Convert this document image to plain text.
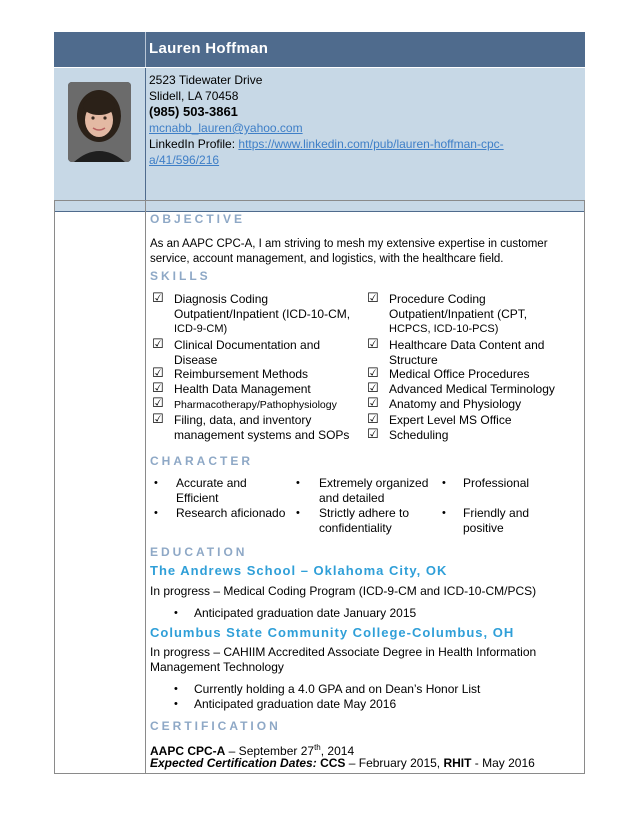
Lauren Hoffman
2523 Tidewater Drive
Slidell, LA 70458
(985) 503-3861
mcnabb_lauren@yahoo.com
LinkedIn Profile: https://www.linkedin.com/pub/lauren-hoffman-cpc-
a/41/596/216
OBJECTIVE
As an AAPC CPC-A, I am striving to mesh my extensive expertise in customer
service, account management, and logistics, with the healthcare field.
SKILLS
☑ Diagnosis Coding
Outpatient/Inpatient (ICD-10-CM,
ICD-9-CM)
☑ Clinical Documentation and
Disease
☑ Reimbursement Methods
☑ Health Data Management
☑ Pharmacotherapy/Pathophysiology
☑ Filing, data, and inventory
management systems and SOPs
☑ Procedure Coding
Outpatient/Inpatient (CPT,
HCPCS, ICD-10-PCS)
☑ Healthcare Data Content and
Structure
☑ Medical Office Procedures
☑ Advanced Medical Terminology
☑ Anatomy and Physiology
☑ Expert Level MS Office
☑ Scheduling
CHARACTER
• Accurate and
Efficient
• Research aficionado
• Extremely organized
and detailed
• Strictly adhere to
confidentiality
• Professional
• Friendly and
positive
EDUCATION
The Andrews School – Oklahoma City, OK
In progress – Medical Coding Program (ICD-9-CM and ICD-10-CM/PCS)
• Anticipated graduation date January 2015
Columbus State Community College-Columbus, OH
In progress – CAHIIM Accredited Associate Degree in Health Information
Management Technology
• Currently holding a 4.0 GPA and on Dean’s Honor List
• Anticipated graduation date May 2016
CERTIFICATION
AAPC CPC-A – September 27th, 2014
Expected Certification Dates: CCS – February 2015, RHIT - May 2016
